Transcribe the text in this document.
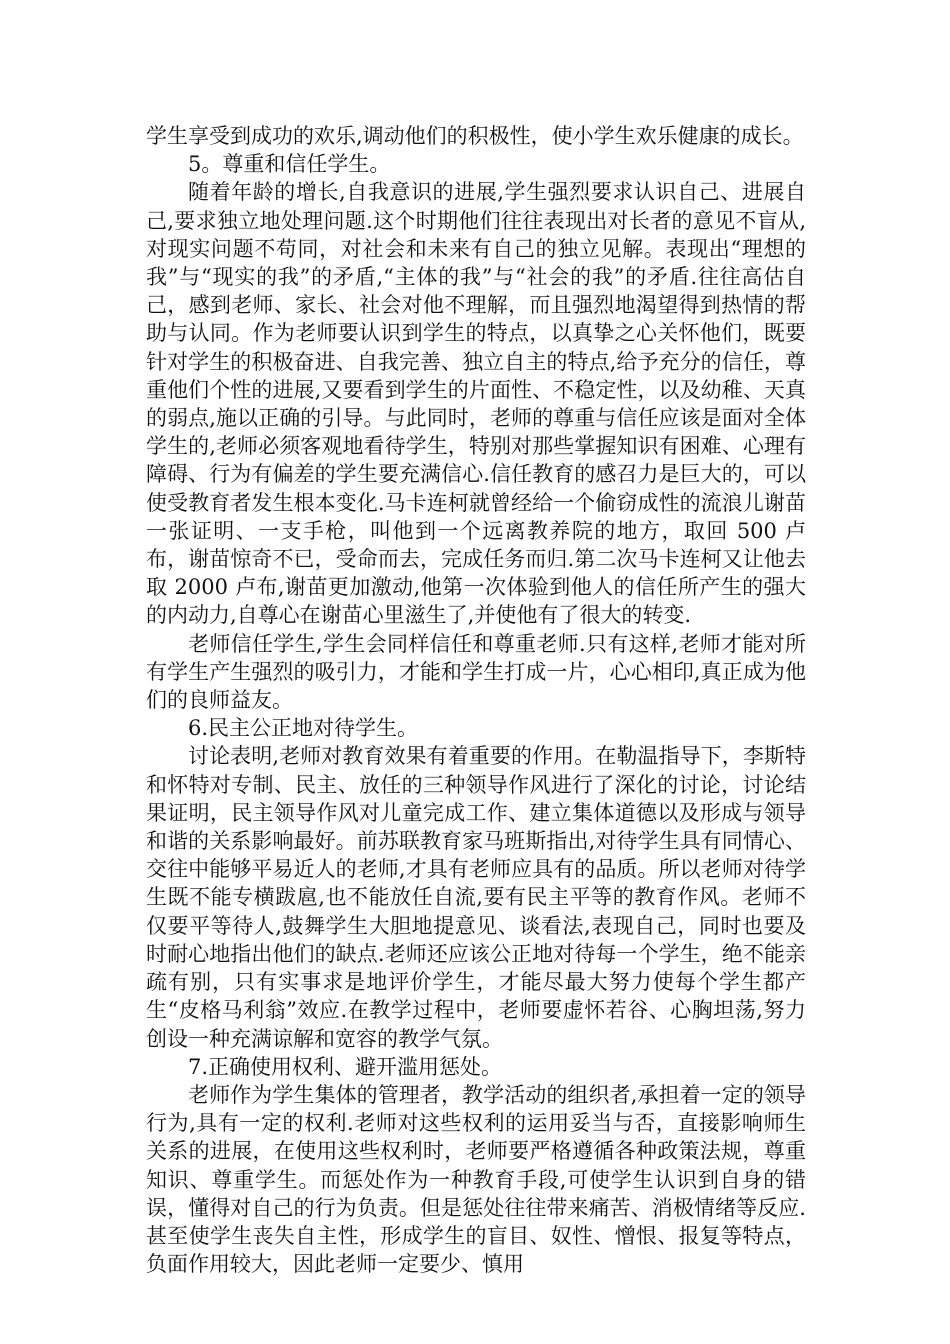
学生享受到成功的欢乐,调动他们的积极性，使小学生欢乐健康的成长。

5。尊重和信任学生。

随着年龄的增长,自我意识的进展,学生强烈要求认识自己、进展自己,要求独立地处理问题.这个时期他们往往表现出对长者的意见不盲从,对现实问题不苟同，对社会和未来有自己的独立见解。表现出“理想的我”与“现实的我”的矛盾,“主体的我”与“社会的我”的矛盾.往往高估自己，感到老师、家长、社会对他不理解，而且强烈地渴望得到热情的帮助与认同。作为老师要认识到学生的特点，以真挚之心关怀他们，既要针对学生的积极奋进、自我完善、独立自主的特点,给予充分的信任，尊重他们个性的进展,又要看到学生的片面性、不稳定性，以及幼稚、天真的弱点,施以正确的引导。与此同时，老师的尊重与信任应该是面对全体学生的,老师必须客观地看待学生，特别对那些掌握知识有困难、心理有障碍、行为有偏差的学生要充满信心.信任教育的感召力是巨大的，可以使受教育者发生根本变化.马卡连柯就曾经给一个偷窃成性的流浪儿谢苗一张证明、一支手枪，叫他到一个远离教养院的地方，取回 500 卢布，谢苗惊奇不已，受命而去，完成任务而归.第二次马卡连柯又让他去取 2000 卢布,谢苗更加激动,他第一次体验到他人的信任所产生的强大的内动力,自尊心在谢苗心里滋生了,并使他有了很大的转变.

老师信任学生,学生会同样信任和尊重老师.只有这样,老师才能对所有学生产生强烈的吸引力，才能和学生打成一片，心心相印,真正成为他们的良师益友。

6.民主公正地对待学生。

讨论表明,老师对教育效果有着重要的作用。在勒温指导下，李斯特和怀特对专制、民主、放任的三种领导作风进行了深化的讨论，讨论结果证明，民主领导作风对儿童完成工作、建立集体道德以及形成与领导和谐的关系影响最好。前苏联教育家马班斯指出,对待学生具有同情心、交往中能够平易近人的老师,才具有老师应具有的品质。所以老师对待学生既不能专横跋扈,也不能放任自流,要有民主平等的教育作风。老师不仅要平等待人,鼓舞学生大胆地提意见、谈看法,表现自己，同时也要及时耐心地指出他们的缺点.老师还应该公正地对待每一个学生，绝不能亲疏有别，只有实事求是地评价学生，才能尽最大努力使每个学生都产生“皮格马利翁”效应.在教学过程中，老师要虚怀若谷、心胸坦荡,努力创设一种充满谅解和宽容的教学气氛。

7.正确使用权利、避开滥用惩处。

老师作为学生集体的管理者，教学活动的组织者,承担着一定的领导行为,具有一定的权利.老师对这些权利的运用妥当与否，直接影响师生关系的进展，在使用这些权利时，老师要严格遵循各种政策法规，尊重知识、尊重学生。而惩处作为一种教育手段,可使学生认识到自身的错误，懂得对自己的行为负责。但是惩处往往带来痛苦、消极情绪等反应.甚至使学生丧失自主性，形成学生的盲目、奴性、憎恨、报复等特点，负面作用较大，因此老师一定要少、慎用
